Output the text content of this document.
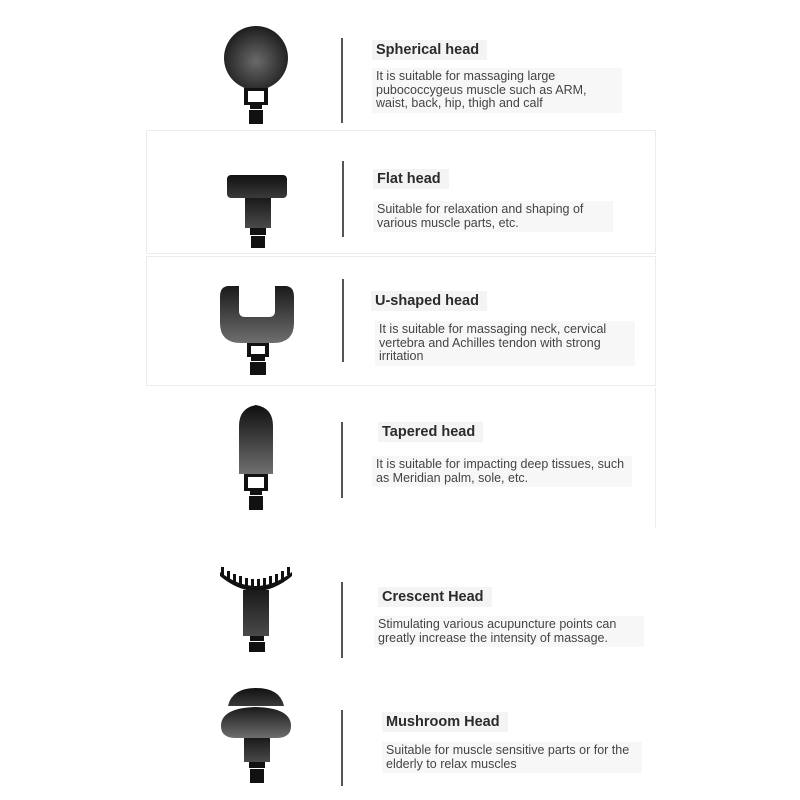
Spherical head
It is suitable for massaging large pubococcygeus muscle such as ARM, waist, back, hip, thigh and calf
Flat head
Suitable for relaxation and shaping of various muscle parts, etc.
U-shaped head
It is suitable for massaging neck, cervical vertebra and Achilles tendon with strong irritation
Tapered head
It is suitable for impacting deep tissues, such as Meridian palm, sole, etc.
Crescent Head
Stimulating various acupuncture points can greatly increase the intensity of massage.
Mushroom Head
Suitable for muscle sensitive parts or for the elderly to relax muscles
